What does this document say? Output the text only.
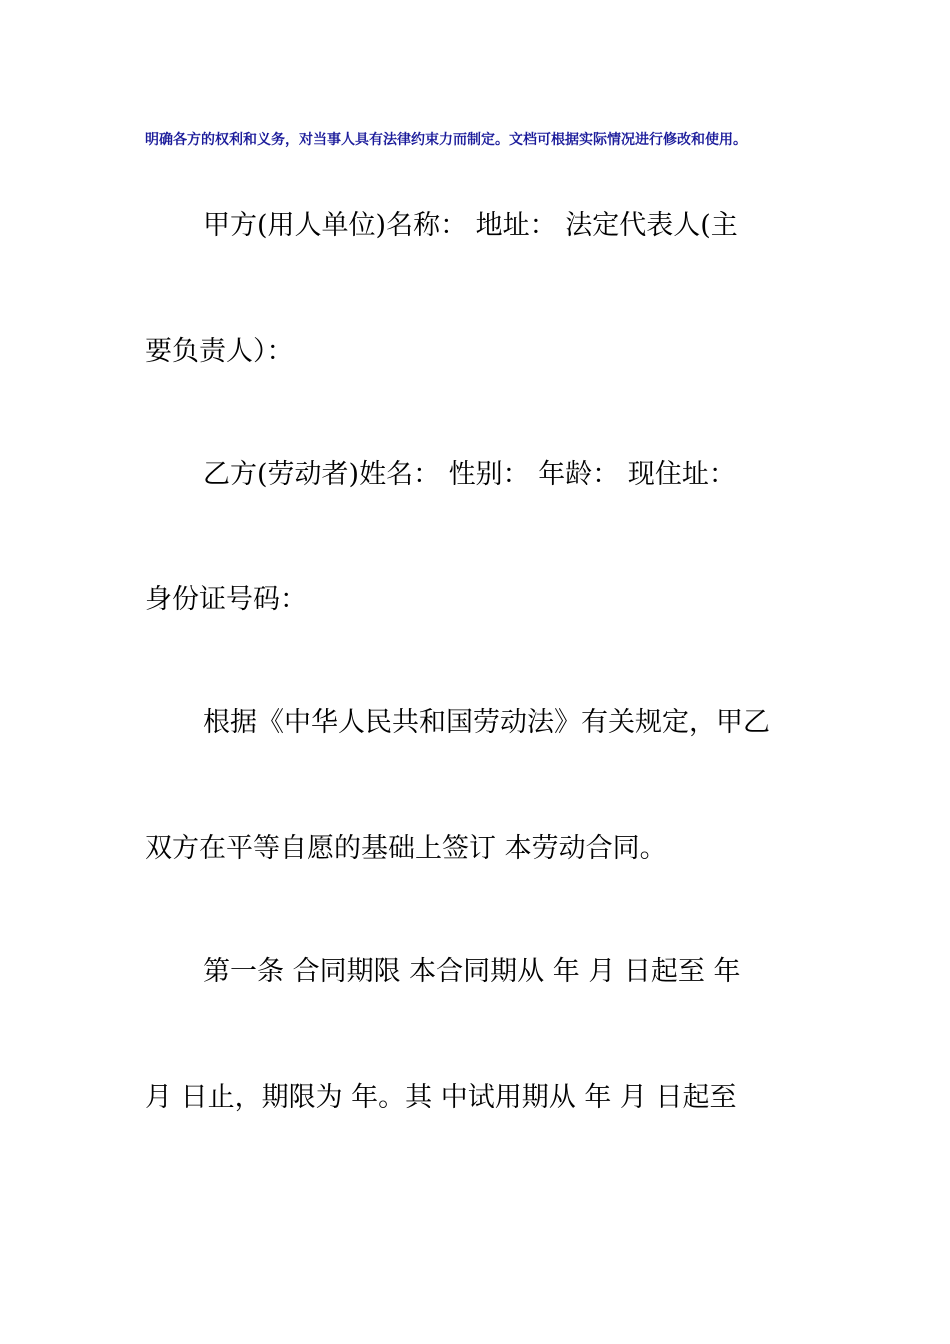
明确各方的权利和义务，对当事人具有法律约束力而制定。文档可根据实际情况进行修改和使用。
甲方(用人单位)名称： 地址： 法定代表人(主
要负责人）：
乙方(劳动者)姓名： 性别： 年龄： 现住址：
身份证号码：
根据《中华人民共和国劳动法》有关规定，甲乙
双方在平等自愿的基础上签订 本劳动合同。
第一条 合同期限 本合同期从 年 月 日起至 年
月 日止，期限为 年。其 中试用期从 年 月 日起至
